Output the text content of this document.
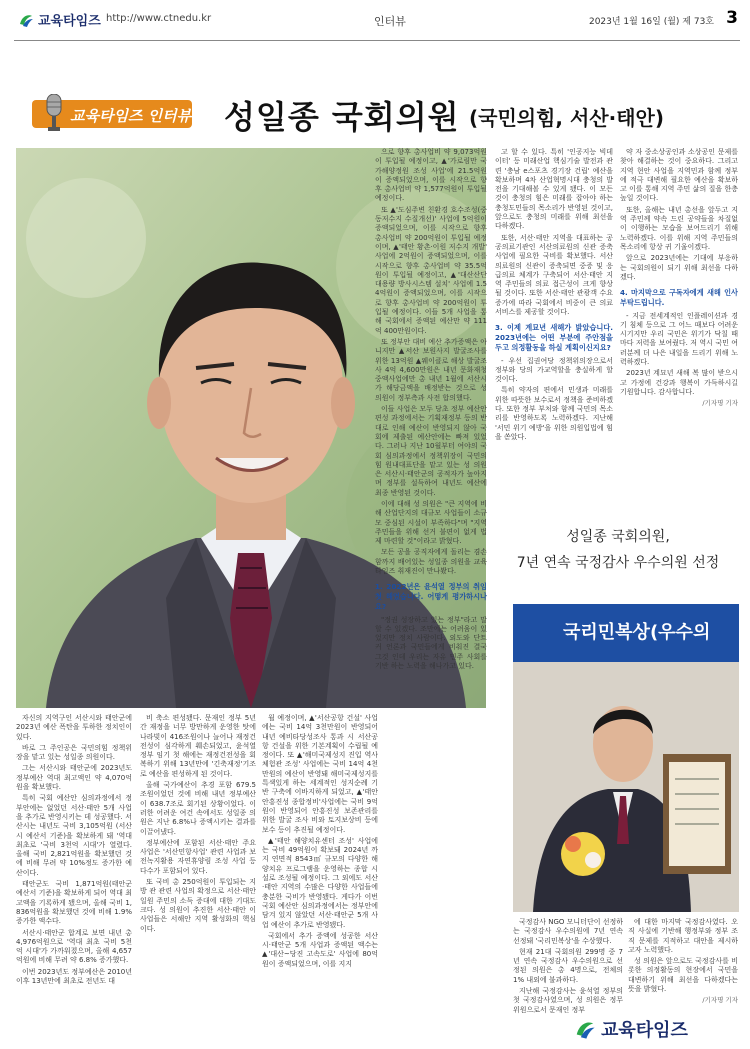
교육타임즈 http://www.ctnedu.kr	인터뷰	2023년 1월 16일 (월) 제 73호 3
교육타임즈 인터뷰 성일종 국회의원 (국민의힘, 서산·태안)

자신의 지역구인 서산시와 태안군에 2023년 예산 폭탄을 투하한 정치인이 있다.

바로 그 주인공은 국민의힘 정책위 장을 맡고 있는 성일종 의원이다.

그는 서산시와 태안군에 2023년도 정부예산 역대 최고액인 약 4,070억 원을 확보했다.

특히 국회 예산안 심의과정에서 정부안에는 없었던 서산·태안 5개 사업을 추가로 반영시키는 데 성공했다. 서산시는 내년도 국비 3,105억원 (서산시 예산서 기준)을 확보하게 돼 '역대 최초로 '국비 3천억 시대'가 열렸다. 올해 국비 2,821억원을 확보했던 것에 비해 무려 약 10%정도 증가한 예산이다.

태안군도 국비 1,871억원(태안군 예산서 기준)을 확보하게 되어 역대 최고액을 기록하게 됐으며, 올해 국비 1,836억원을 확보했던 것에 비해 1.9% 증가한 액수다.

서산시·태안군 합계로 보면 내년 총 4,976억원으로 '역대 최초 국비 5천억 시대'가 가까워졌으며, 올해 4,657억원에 비해 무려 약 6.8% 증가했다.

이번 2023년도 정부예산은 2010년 이후 13년만에 최초로 전년도 대

비 축소 편성됐다. 문재인 정부 5년간 재정을 너무 방만하게 운영한 탓에 나라빚이 416조원이나 늘어나 재정건전성이 심각하게 훼손되었고, 윤석열 정부 임기 첫 해에는 재정건전성을 회복하기 위해 13년만에 '긴축재정'기조로 예산을 편성하게 된 것이다.

올해 국가예산이 추경 포함 679.5조원이었던 것에 비해 내년 정부예산이 638.7조로 회기된 상황이었다. 이러한 어려운 여건 속에서도 성일종 의원은 지난 6.8%나 증액시키는 결과를 이끌어냈다.

정부예산에 포함된 서산·태안 주요사업은 '서산민항사업' 관련 사업과 보전녹지활용 자연휴양림 조성 사업 등 다수가 포함되어 있다.

또 국비 총 250억원이 투입되는 지방 관 관련 사업의 확정으로 서산·태안 일원 주민의 소득 증대에 대한 기대도 크다. 성 의원이 추진한 서산·태안 이 사업들은 서해안 지역 활성화의 핵심이다.

월 예정이며, ▲'서산공항 건설' 사업에는 국비 14억 3천만원이 반영되어 내년 예비타당성조사 통과 시 서산공항 건설을 위한 기본계획이 수립될 예정이다. 또 ▲'해미국제성지 진입 역사체험관 조성' 사업에는 국비 14억 4천만원의 예산이 반영돼 해미국제성지를 특색있게 하는 세계적인 성지순례 기반 구축에 이바지하게 되었고, ▲'태안 안흥진성 종합정비'사업에는 국비 9억원이 반영되어 안흥진성 보존관리를 위한 발굴 조사 비와 토지보상비 등에 보수 등이 추진될 예정이다.

▲'태안 해양치유센터 조성' 사업에는 국비 49억원이 확보돼 2024년 까지 연면적 8543㎡ 규모의 다양한 해양치유 프로그램을 운영하는 종합 시설로 조성될 예정이다. 그 외에도 서산·태안 지역의 수많은 다양한 사업들에 충분한 국비가 반영됐다. 게다가 이번 국회 예산안 심의과정에서는 정부안에 담겨 있지 않았던 서산·태안군 5개 사업 예산이 추가로 반영됐다.

국회에서 추가 증액에 성공한 서산시·태안군 5개 사업과 증액된 액수는 ▲'대산~당진 고속도로' 사업에 80억원이 증액되었으며, 이를 지지

으로 향후 총사업비 약 9,073억원이 투입될 예정이고, ▲'가로림만 국가해양정원 조성 사업'에 21.5억원이 증액되었으며, 이를 시작으로 향후 총사업비 약 1,577억원이 투입될 예정이다.

또 ▲'도심주변 친환경 호수조성(중동저수지 수질개선)' 사업에 5억원이 증액되었으며, 이를 시작으로 향후 총사업비 약 200억원이 투입될 예정이며, ▲'태안 황촌·이원 저수지 개발' 사업에 2억원이 증액되었으며, 이를 시작으로 향후 총사업비 약 35.5억원이 투입될 예정이고, ▲'대산산단 대용량 방사시스템 설치' 사업에 1.54억원이 증액되었으며, 이를 시작으로 향후 총사업비 약 200억원이 투입될 예정이다. 이들 5개 사업을 통해 국회에서 증액된 예산만 약 111억 400만원이다.

또 정부안 대비 예산 추가증액은 아니지만 ▲서산 보원사지 발굴조사를 위한 13억원 ▲웨이클로 해상 발굴조사 4억 4,600만원은 내년 문화재청 중액사업에만 총 내년 1월에 서산시가 해당금액을 배정받는 것으로 성 의원이 정부측과 사전 합의했다.

이들 사업은 모두 당초 정부 예산안 편성 과정에서는 기획재정부 등의 반대로 인해 예산이 반영되지 않아 국회에 제출된 예산안에는 빠져 있었다. 그러나 지난 10월부터 여야의 국회 심의과정에서 정책위장이 국민의힘 원내대표단을 맡고 있는 성 의원은 서산시·태안군의 공적자가 높아지며 정부를 설득하여 내년도 예산에 최종 반영된 것이다.

이에 대해 성 의원은 "큰 지역에 비해 산업단지의 대규모 사업들이 소규모 중심된 시설이 부족하다"며 "지역 주민들을 위해 선거 불편이 없게 법제 마련할 것"이라고 밝혔다.

모든 공을 공직자에게 돌리는 겸손함까지 배어있는 성일종 의원을 교육타임즈 취재진이 만나봤다.

1. 2022년은 윤석열 정부의 취임 첫 해였습니다. 어떻게 평가하시나요?

"정권 성장하고 있는 정부"라고 말할 수 있겠다. 조만에는 어려움이 있었지만 정치 사람이다. 외도와 단트커 언론과 국민들에게 비춰진 결국 그것 인데 우리는 자유 민주 사회를 기반 하는 노력을 해나가고 있다.

고 할 수 있다. 특히 '인공지능 빅데이터' 등 미래산업 핵심기술 발전과 관련 '충남 e스포츠 경기장 건립' 예산을 확보하며 4차 산업혁명시대 충청의 발전을 기대해볼 수 있게 됐다. 이 모든 것이 충청의 힘은 미래를 잡아야 하는 충청도민들의 목소리가 반영된 것이고, 앞으로도 충청의 미래를 위해 최선을 다하겠다.

또한, 서산·태안 지역을 대표하는 공공의료기관인 서산의료원의 신관 증축사업에 필요한 국비를 확보했다. 서산의료원의 신관이 증축되면 중증 및 응급의료 체계가 구축되어 서산·태안 지역 주민들의 의료 접근성이 크게 향상될 것이다. 또한 서산·태안 관광객 수요 증가에 따라 국회에서 비중이 큰 의료 서비스를 제공할 것이다.

3. 이제 계묘년 새해가 밝았습니다. 2023년에는 어떤 부분에 주안점을 두고 의정활동을 하실 계획이신지요?

- 우선 집권여당 정책위의장으로서 정부와 당의 가교역할을 충실하게 할 것이다.

특히 약자의 편에서 민생과 미래를 위한 따뜻한 보수로서 정책을 준비하겠다. 또한 정부 부처와 함께 국민의 목소리를 반영하도록 노력하겠다. 지난해 '서민 위기 예방'을 위한 의원입법에 힘을 쏟았다.

약 자 중소상공인과 소상공인 문제를 찾아 해결하는 것이 중요하다. 그리고 지역 현안 사업을 지역민과 함께 정부에 적극 대변해 필요한 예산을 확보하고 이를 통해 지역 주민 삶의 질을 한층 높일 것이다.

또한, 올해는 내년 총선을 앞두고 지역 주민께 약속 드린 공약들을 차질없이 이행하는 모습을 보여드리기 위해 노력하겠다. 이를 위해 지역 주민들의 목소리에 항상 귀 기울이겠다.

앞으로 2023년에는 기대에 부응하는 국회의원이 되기 위해 최선을 다하겠다.

4. 마지막으로 구독자에게 새해 인사 부탁드립니다.

- 지금 전세계적인 인플레이션과 경기 침체 등으로 그 어느 때보다 어려운 시기지만 우리 국민은 위기가 닥칠 때마다 저력을 보여줬다. 저 역시 국민 여러분께 더 나은 내일을 드리기 위해 노력하겠다.

2023년 계묘년 새해 복 많이 받으시고 가정에 건강과 행복이 가득하시길 기원합니다. 감사합니다.

/기자명 기자
성일종 국회의원,
7년 연속 국정감사 우수의원 선정
국리민복상(우수의

국정감사 NGO 모니터단이 선정하는 국정감사 우수의원에 7년 연속 선정돼 '국리민복상'을 수상했다.

현재 21대 국회의원 299명 중 7년 연속 국정감사 우수의원으로 선정된 의원은 총 4명으로, 전체의 1% 내외에 불과하다.

지난해 국정감사는 윤석열 정부의 첫 국정감사였으며, 성 의원은 정무위원으로서 문재인 정부

에 대한 마지막 국정감사였다. 오직 사실에 기반해 행정부와 정부 조직 문제를 지적하고 대안을 제시하고자 노력했다.

성 의원은 앞으로도 국정감사를 비롯한 의정활동의 현장에서 국민을 대변하기 위해 최선을 다하겠다는 뜻을 밝혔다.

/기자명 기자
교육타임즈
